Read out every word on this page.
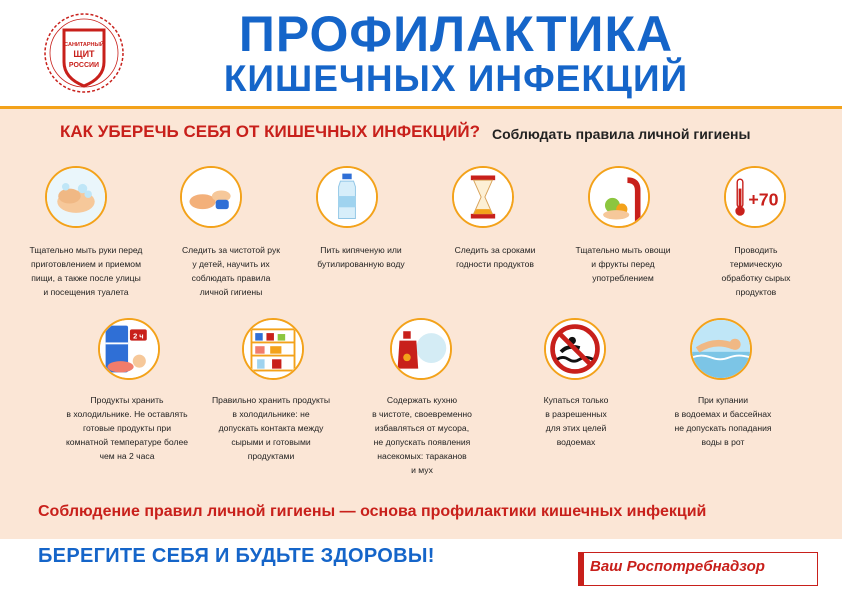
САНИТАРНЫЙ
ЩИТ
РОССИИ
ПРОФИЛАКТИКА
КИШЕЧНЫХ ИНФЕКЦИЙ
КАК УБЕРЕЧЬ СЕБЯ ОТ КИШЕЧНЫХ ИНФЕКЦИЙ? Соблюдать правила личной гигиены
Тщательно мыть руки перед
приготовлением и приемом
пищи, а также после улицы
и посещения туалета
Следить за чистотой рук
у детей, научить их
соблюдать правила
личной гигиены
Пить кипяченую или
бутилированную воду
Следить за сроками
годности продуктов
Тщательно мыть овощи
и фрукты перед
употреблением
+70
Проводить
термическую
обработку сырых
продуктов
2 ч
Продукты хранить
в холодильнике. Не оставлять
готовые продукты при
комнатной температуре более
чем на 2 часа
Правильно хранить продукты
в холодильнике: не
допускать контакта между
сырыми и готовыми
продуктами
Содержать кухню
в чистоте, своевременно
избавляться от мусора,
не допускать появления
насекомых: тараканов
и мух
Купаться только
в разрешенных
для этих целей
водоемах
При купании
в водоемах и бассейнах
не допускать попадания
воды в рот
Соблюдение правил личной гигиены — основа профилактики кишечных инфекций
БЕРЕГИТЕ СЕБЯ И БУДЬТЕ ЗДОРОВЫ!	Ваш Роспотребнадзор
